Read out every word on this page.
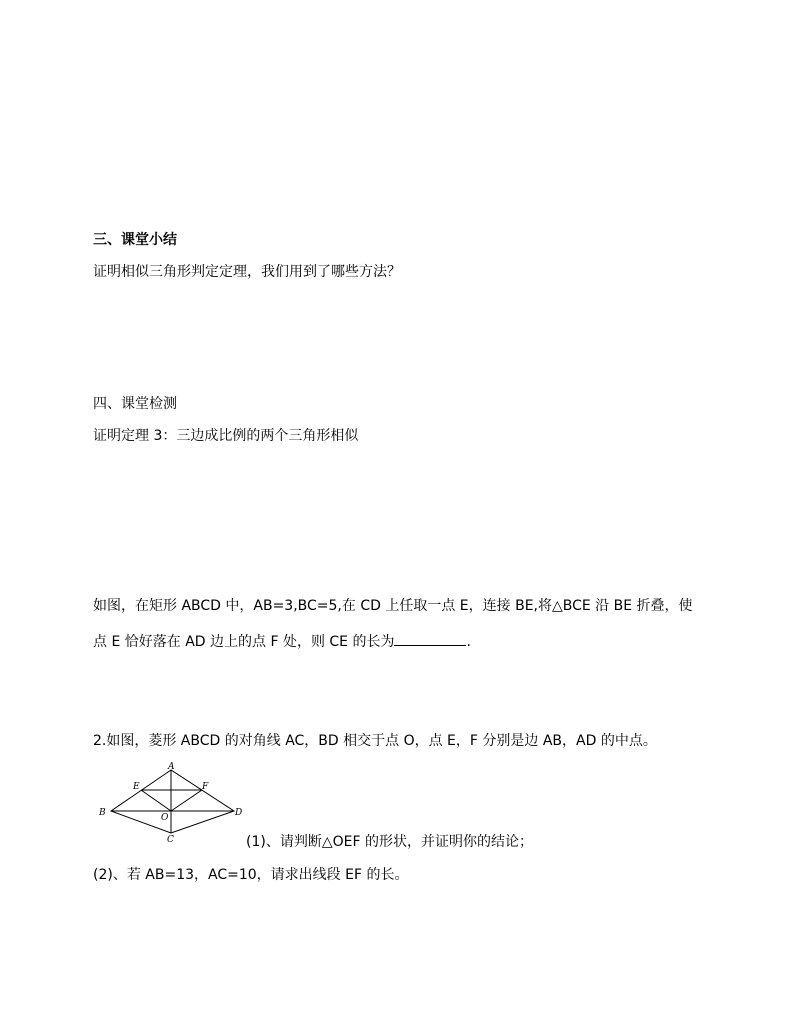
三、课堂小结

证明相似三角形判定定理，我们用到了哪些方法？

四、课堂检测

证明定理 3：三边成比例的两个三角形相似

如图，在矩形 ABCD 中，AB=3,BC=5,在 CD 上任取一点 E，连接 BE,将△BCE 沿 BE 折叠，使

点 E 恰好落在 AD 边上的点 F 处，则 CE 的长为	.

2.如图，菱形 ABCD 的对角线 AC，BD 相交于点 O，点 E，F 分别是边 AB，AD 的中点。

A
B
C
D
E	F
O

(1)、请判断△OEF 的形状，并证明你的结论；

(2)、若 AB=13，AC=10，请求出线段 EF 的长。
